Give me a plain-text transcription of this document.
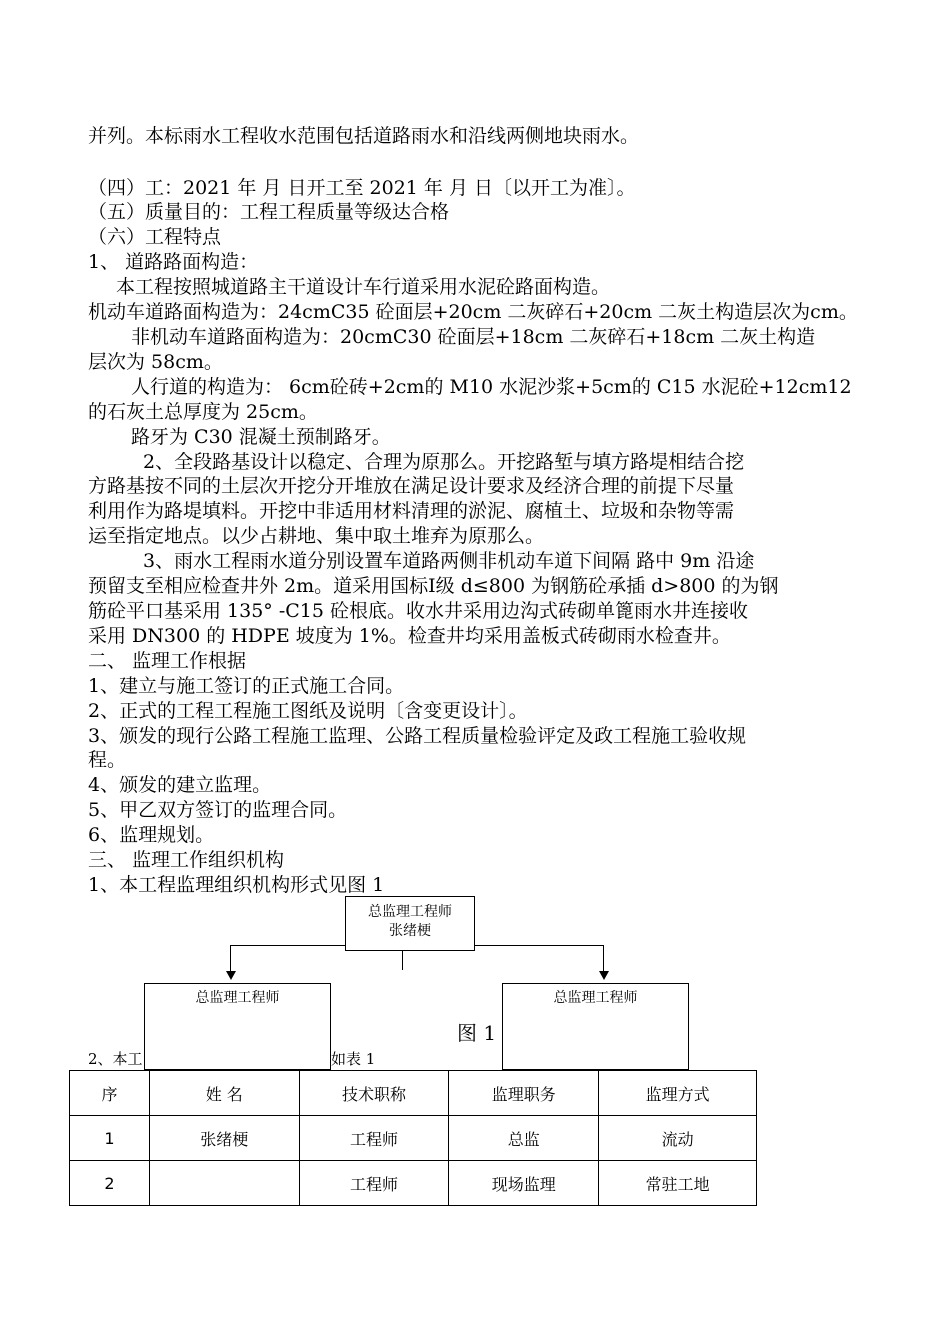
并列。本标雨水工程收水范围包括道路雨水和沿线两侧地块雨水。
（四）工：2021 年 月 日开工至 2021 年 月 日〔以开工为准〕。
（五）质量目的：工程工程质量等级达合格
（六）工程特点
1、 道路路面构造：
本工程按照城道路主干道设计车行道采用水泥砼路面构造。
机动车道路面构造为：24cmC35 砼面层+20cm 二灰碎石+20cm 二灰土构造层次为cm。
非机动车道路面构造为：20cmC30 砼面层+18cm 二灰碎石+18cm 二灰土构造
层次为 58cm。
人行道的构造为： 6cm砼砖+2cm的 M10 水泥沙浆+5cm的 C15 水泥砼+12cm12
的石灰土总厚度为 25cm。
路牙为 C30 混凝土预制路牙。
2、全段路基设计以稳定、合理为原那么。开挖路堑与填方路堤相结合挖
方路基按不同的土层次开挖分开堆放在满足设计要求及经济合理的前提下尽量
利用作为路堤填料。开挖中非适用材料清理的淤泥、腐植土、垃圾和杂物等需
运至指定地点。以少占耕地、集中取土堆弃为原那么。
3、雨水工程雨水道分别设置车道路两侧非机动车道下间隔 路中 9m 沿途
预留支至相应检查井外 2m。道采用国标Ⅰ级 d≤800 为钢筋砼承插 d>800 的为钢
筋砼平口基采用 135° -C15 砼根底。收水井采用边沟式砖砌单篦雨水井连接收
采用 DN300 的 HDPE 坡度为 1%。检查井均采用盖板式砖砌雨水检查井。
二、 监理工作根据
1、建立与施工签订的正式施工合同。
2、正式的工程工程施工图纸及说明〔含变更设计〕。
3、颁发的现行公路工程施工监理、公路工程质量检验评定及政工程施工验收规
程。
4、颁发的建立监理。
5、甲乙双方签订的监理合同。
6、监理规划。
三、 监理工作组织机构
1、本工程监理组织机构形式见图 1
2、本工	如表 1
总监理工程师
张绪梗
总监理工程师	总监理工程师
图 1
序	姓 名	技术职称	监理职务	监理方式
1	张绪梗	工程师	总监	流动
2		工程师	现场监理	常驻工地
